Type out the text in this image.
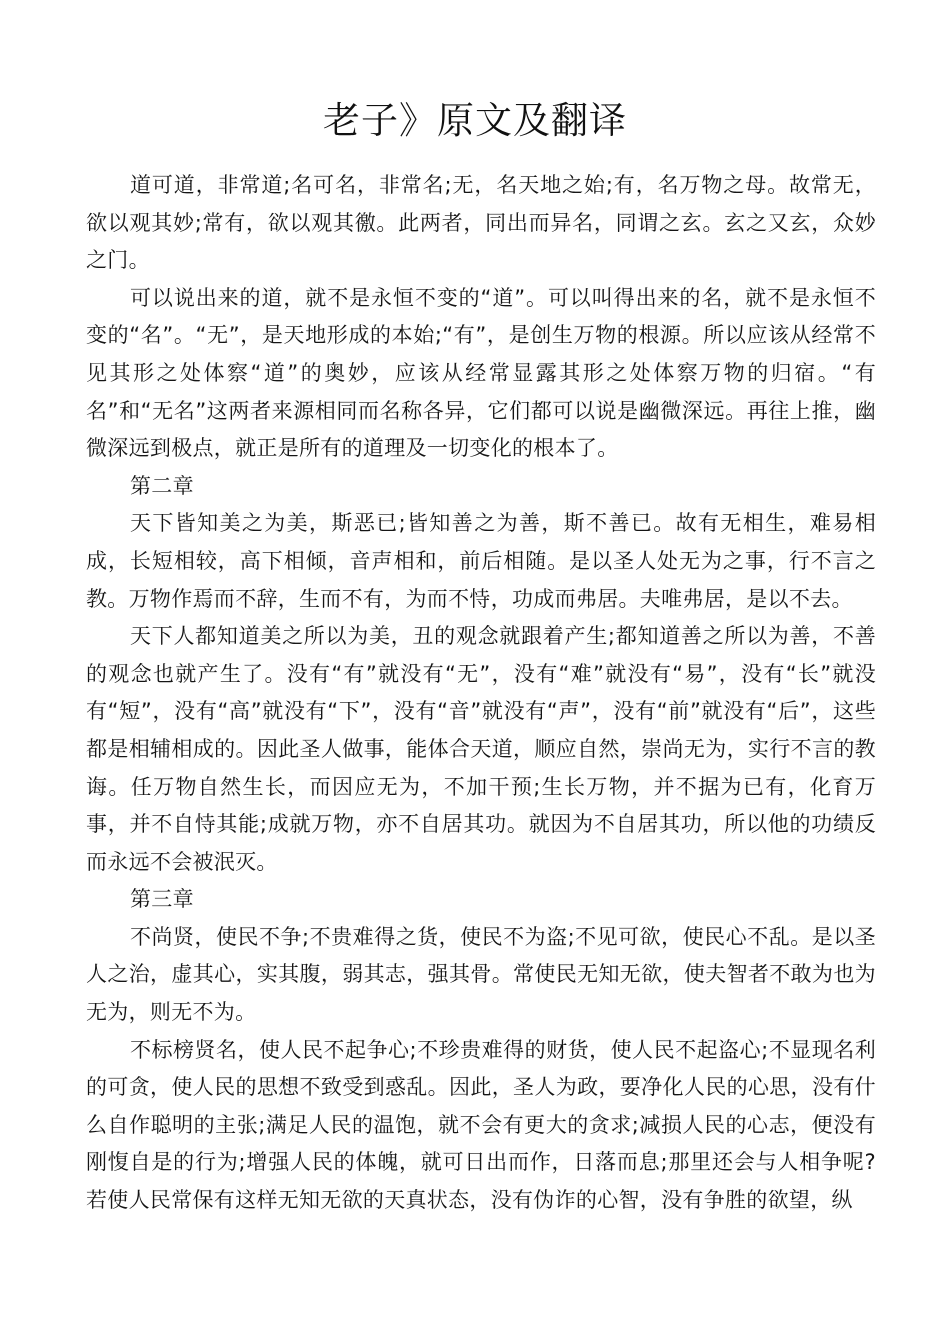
老子》原文及翻译

道可道，非常道;名可名，非常名;无，名天地之始;有，名万物之母。故常无，欲以观其妙;常有，欲以观其徼。此两者，同出而异名，同谓之玄。玄之又玄，众妙之门。

可以说出来的道，就不是永恒不变的“道”。可以叫得出来的名，就不是永恒不变的“名”。“无”，是天地形成的本始;“有”，是创生万物的根源。所以应该从经常不见其形之处体察“道”的奥妙，应该从经常显露其形之处体察万物的归宿。“有名”和“无名”这两者来源相同而名称各异，它们都可以说是幽微深远。再往上推，幽微深远到极点，就正是所有的道理及一切变化的根本了。

第二章

天下皆知美之为美，斯恶已;皆知善之为善，斯不善已。故有无相生，难易相成，长短相较，高下相倾，音声相和，前后相随。是以圣人处无为之事，行不言之教。万物作焉而不辞，生而不有，为而不恃，功成而弗居。夫唯弗居，是以不去。

天下人都知道美之所以为美，丑的观念就跟着产生;都知道善之所以为善，不善的观念也就产生了。没有“有”就没有“无”，没有“难”就没有“易”，没有“长”就没有“短”，没有“高”就没有“下”，没有“音”就没有“声”，没有“前”就没有“后”，这些都是相辅相成的。因此圣人做事，能体合天道，顺应自然，崇尚无为，实行不言的教诲。任万物自然生长，而因应无为，不加干预;生长万物，并不据为已有，化育万事，并不自恃其能;成就万物，亦不自居其功。就因为不自居其功，所以他的功绩反而永远不会被泯灭。

第三章

不尚贤，使民不争;不贵难得之货，使民不为盗;不见可欲，使民心不乱。是以圣人之治，虚其心，实其腹，弱其志，强其骨。常使民无知无欲，使夫智者不敢为也为无为，则无不为。

不标榜贤名，使人民不起争心;不珍贵难得的财货，使人民不起盗心;不显现名利的可贪，使人民的思想不致受到惑乱。因此，圣人为政，要净化人民的心思，没有什么自作聪明的主张;满足人民的温饱，就不会有更大的贪求;减损人民的心志，便没有刚愎自是的行为;增强人民的体魄，就可日出而作，日落而息;那里还会与人相争呢?若使人民常保有这样无知无欲的天真状态，没有伪诈的心智，没有争胜的欲望，纵
